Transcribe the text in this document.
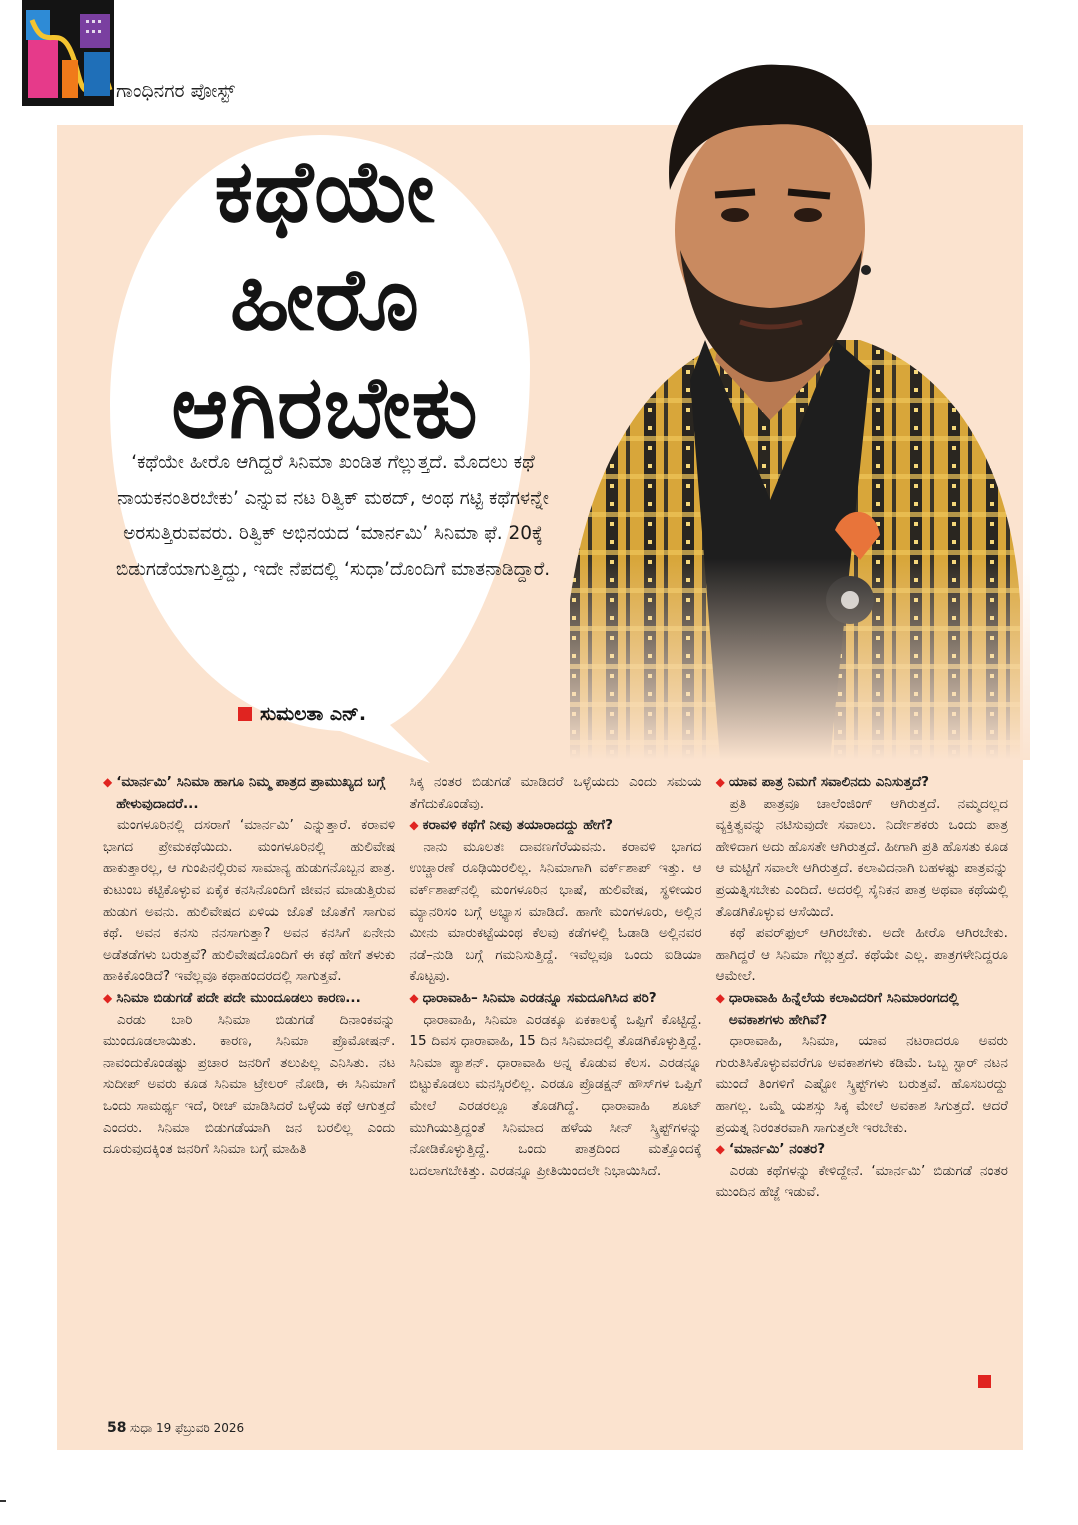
ಗಾಂಧಿನಗರ ಪೋಸ್ಟ್
ಕಥೆಯೇ
ಹೀರೊ
ಆಗಿರಬೇಕು

‘ಕಥೆಯೇ ಹೀರೊ ಆಗಿದ್ದರೆ ಸಿನಿಮಾ ಖಂಡಿತ ಗೆಲ್ಲುತ್ತದೆ. ಮೊದಲು ಕಥೆ ನಾಯಕನಂತಿರಬೇಕು’ ಎನ್ನುವ ನಟ ರಿತ್ವಿಕ್ ಮಠದ್, ಅಂಥ ಗಟ್ಟಿ ಕಥೆಗಳನ್ನೇ ಅರಸುತ್ತಿರುವವರು. ರಿತ್ವಿಕ್ ಅಭಿನಯದ ‘ಮಾರ್ನಮಿ’ ಸಿನಿಮಾ ಫೆ. 20ಕ್ಕೆ ಬಿಡುಗಡೆಯಾಗುತ್ತಿದ್ದು, ಇದೇ ನೆಪದಲ್ಲಿ ‘ಸುಧಾ’ದೊಂದಿಗೆ ಮಾತನಾಡಿದ್ದಾರೆ.

ಸುಮಲತಾ ಎನ್.
◆ ‘ಮಾರ್ನಮಿ’ ಸಿನಿಮಾ ಹಾಗೂ ನಿಮ್ಮ ಪಾತ್ರದ ಪ್ರಾಮುಖ್ಯದ ಬಗ್ಗೆ ಹೇಳುವುದಾದರೆ...

ಮಂಗಳೂರಿನಲ್ಲಿ ದಸರಾಗೆ ‘ಮಾರ್ನಮಿ’ ಎನ್ನುತ್ತಾರೆ. ಕರಾವಳಿ ಭಾಗದ ಪ್ರೇಮಕಥೆಯಿದು. ಮಂಗಳೂರಿನಲ್ಲಿ ಹುಲಿವೇಷ ಹಾಕುತ್ತಾರಲ್ಲ, ಆ ಗುಂಪಿನಲ್ಲಿರುವ ಸಾಮಾನ್ಯ ಹುಡುಗನೊಬ್ಬನ ಪಾತ್ರ. ಕುಟುಂಬ ಕಟ್ಟಿಕೊಳ್ಳುವ ಏಕೈಕ ಕನಸಿನೊಂದಿಗೆ ಜೀವನ ಮಾಡುತ್ತಿರುವ ಹುಡುಗ ಅವನು. ಹುಲಿವೇಷದ ಏಳಿಯ ಜೊತೆ ಜೊತೆಗೆ ಸಾಗುವ ಕಥೆ. ಅವನ ಕನಸು ನನಸಾಗುತ್ತಾ? ಅವನ ಕನಸಿಗೆ ಏನೇನು ಅಡೆತಡೆಗಳು ಬರುತ್ತವೆ? ಹುಲಿವೇಷದೊಂದಿಗೆ ಈ ಕಥೆ ಹೇಗೆ ತಳುಕು ಹಾಕಿಕೊಂಡಿದೆ? ಇವೆಲ್ಲವೂ ಕಥಾಹಂದರದಲ್ಲಿ ಸಾಗುತ್ತವೆ.

◆ ಸಿನಿಮಾ ಬಿಡುಗಡೆ ಪದೇ ಪದೇ ಮುಂದೂಡಲು ಕಾರಣ...

ಎರಡು ಬಾರಿ ಸಿನಿಮಾ ಬಿಡುಗಡೆ ದಿನಾಂಕವನ್ನು ಮುಂದೂಡಲಾಯಿತು. ಕಾರಣ, ಸಿನಿಮಾ ಪ್ರೊಮೋಷನ್. ನಾವಂದುಕೊಂಡಷ್ಟು ಪ್ರಚಾರ ಜನರಿಗೆ ತಲುಪಿಲ್ಲ ಎನಿಸಿತು. ನಟ ಸುದೀಪ್ ಅವರು ಕೂಡ ಸಿನಿಮಾ ಟ್ರೇಲರ್ ನೋಡಿ, ಈ ಸಿನಿಮಾಗೆ ಒಂದು ಸಾಮರ್ಥ್ಯ ಇದೆ, ರೀಚ್ ಮಾಡಿಸಿದರೆ ಒಳ್ಳೆಯ ಕಥೆ ಆಗುತ್ತದೆ ಎಂದರು. ಸಿನಿಮಾ ಬಿಡುಗಡೆಯಾಗಿ ಜನ ಬರಲಿಲ್ಲ ಎಂದು ದೂರುವುದಕ್ಕಿಂತ ಜನರಿಗೆ ಸಿನಿಮಾ ಬಗ್ಗೆ ಮಾಹಿತಿ

ಸಿಕ್ಕ ನಂತರ ಬಿಡುಗಡೆ ಮಾಡಿದರೆ ಒಳ್ಳೆಯದು ಎಂದು ಸಮಯ ತೆಗೆದುಕೊಂಡೆವು.

◆ ಕರಾವಳಿ ಕಥೆಗೆ ನೀವು ತಯಾರಾದದ್ದು ಹೇಗೆ?

ನಾನು ಮೂಲತಃ ದಾವಣಗೆರೆಯವನು. ಕರಾವಳಿ ಭಾಗದ ಉಚ್ಚಾರಣೆ ರೂಢಿಯಿರಲಿಲ್ಲ. ಸಿನಿಮಾಗಾಗಿ ವರ್ಕ್‌ಶಾಪ್ ಇತ್ತು. ಆ ವರ್ಕ್‌ಶಾಪ್‌ನಲ್ಲಿ ಮಂಗಳೂರಿನ ಭಾಷೆ, ಹುಲಿವೇಷ, ಸ್ಥಳೀಯರ ಮ್ಯಾನರಿಸಂ ಬಗ್ಗೆ ಅಭ್ಯಾಸ ಮಾಡಿದೆ. ಹಾಗೇ ಮಂಗಳೂರು, ಅಲ್ಲಿನ ಮೀನು ಮಾರುಕಟ್ಟೆಯಂಥ ಕೆಲವು ಕಡೆಗಳಲ್ಲಿ ಓಡಾಡಿ ಅಲ್ಲಿನವರ ನಡೆ–ನುಡಿ ಬಗ್ಗೆ ಗಮನಿಸುತ್ತಿದ್ದೆ. ಇವೆಲ್ಲವೂ ಒಂದು ಐಡಿಯಾ ಕೊಟ್ಟವು.

◆ ಧಾರಾವಾಹಿ– ಸಿನಿಮಾ ಎರಡನ್ನೂ ಸಮದೂಗಿಸಿದ ಪರಿ?

ಧಾರಾವಾಹಿ, ಸಿನಿಮಾ ಎರಡಕ್ಕೂ ಏಕಕಾಲಕ್ಕೆ ಒಪ್ಪಿಗೆ ಕೊಟ್ಟಿದ್ದೆ. 15 ದಿವಸ ಧಾರಾವಾಹಿ, 15 ದಿನ ಸಿನಿಮಾದಲ್ಲಿ ತೊಡಗಿಕೊಳ್ಳುತ್ತಿದ್ದೆ. ಸಿನಿಮಾ ಪ್ಯಾಶನ್. ಧಾರಾವಾಹಿ ಅನ್ನ ಕೊಡುವ ಕೆಲಸ. ಎರಡನ್ನೂ ಬಿಟ್ಟುಕೊಡಲು ಮನಸ್ಸಿರಲಿಲ್ಲ. ಎರಡೂ ಪ್ರೊಡಕ್ಷನ್ ಹೌಸ್‌ಗಳ ಒಪ್ಪಿಗೆ ಮೇಲೆ ಎರಡರಲ್ಲೂ ತೊಡಗಿದ್ದೆ. ಧಾರಾವಾಹಿ ಶೂಟ್ ಮುಗಿಯುತ್ತಿದ್ದಂತೆ ಸಿನಿಮಾದ ಹಳೆಯ ಸೀನ್ ಸ್ಕ್ರಿಪ್ಟ್‌ಗಳನ್ನು ನೋಡಿಕೊಳ್ಳುತ್ತಿದ್ದೆ. ಒಂದು ಪಾತ್ರದಿಂದ ಮತ್ತೊಂದಕ್ಕೆ ಬದಲಾಗಬೇಕಿತ್ತು. ಎರಡನ್ನೂ ಪ್ರೀತಿಯಿಂದಲೇ ನಿಭಾಯಿಸಿದೆ.

◆ ಯಾವ ಪಾತ್ರ ನಿಮಗೆ ಸವಾಲಿನದು ಎನಿಸುತ್ತದೆ?

ಪ್ರತಿ ಪಾತ್ರವೂ ಚಾಲೆಂಜಿಂಗ್ ಆಗಿರುತ್ತದೆ. ನಮ್ಮದಲ್ಲದ ವ್ಯಕ್ತಿತ್ವವನ್ನು ನಟಿಸುವುದೇ ಸವಾಲು. ನಿರ್ದೇಶಕರು ಒಂದು ಪಾತ್ರ ಹೇಳಿದಾಗ ಅದು ಹೊಸತೇ ಆಗಿರುತ್ತದೆ. ಹೀಗಾಗಿ ಪ್ರತಿ ಹೊಸತು ಕೂಡ ಆ ಮಟ್ಟಿಗೆ ಸವಾಲೇ ಆಗಿರುತ್ತದೆ. ಕಲಾವಿದನಾಗಿ ಬಹಳಷ್ಟು ಪಾತ್ರವನ್ನು ಪ್ರಯತ್ನಿಸಬೇಕು ಎಂದಿದೆ. ಅದರಲ್ಲಿ ಸೈನಿಕನ ಪಾತ್ರ ಅಥವಾ ಕಥೆಯಲ್ಲಿ ತೊಡಗಿಕೊಳ್ಳುವ ಆಸೆಯಿದೆ.

ಕಥೆ ಪವರ್‌ಫುಲ್ ಆಗಿರಬೇಕು. ಅದೇ ಹೀರೊ ಆಗಿರಬೇಕು. ಹಾಗಿದ್ದರೆ ಆ ಸಿನಿಮಾ ಗೆಲ್ಲುತ್ತದೆ. ಕಥೆಯೇ ಎಲ್ಲ. ಪಾತ್ರಗಳೇನಿದ್ದರೂ ಆಮೇಲೆ.

◆ ಧಾರಾವಾಹಿ ಹಿನ್ನೆಲೆಯ ಕಲಾವಿದರಿಗೆ ಸಿನಿಮಾರಂಗದಲ್ಲಿ ಅವಕಾಶಗಳು ಹೇಗಿವೆ?

ಧಾರಾವಾಹಿ, ಸಿನಿಮಾ, ಯಾವ ನಟರಾದರೂ ಅವರು ಗುರುತಿಸಿಕೊಳ್ಳುವವರೆಗೂ ಅವಕಾಶಗಳು ಕಡಿಮೆ. ಒಬ್ಬ ಸ್ಟಾರ್ ನಟನ ಮುಂದೆ ತಿಂಗಳಿಗೆ ಎಷ್ಟೋ ಸ್ಕ್ರಿಪ್ಟ್‌ಗಳು ಬರುತ್ತವೆ. ಹೊಸಬರದ್ದು ಹಾಗಲ್ಲ. ಒಮ್ಮೆ ಯಶಸ್ಸು ಸಿಕ್ಕ ಮೇಲೆ ಅವಕಾಶ ಸಿಗುತ್ತದೆ. ಆದರೆ ಪ್ರಯತ್ನ ನಿರಂತರವಾಗಿ ಸಾಗುತ್ತಲೇ ಇರಬೇಕು.

◆ ‘ಮಾರ್ನಮಿ’ ನಂತರ?

ಎರಡು ಕಥೆಗಳನ್ನು ಕೇಳಿದ್ದೇನೆ. ‘ಮಾರ್ನಮಿ’ ಬಿಡುಗಡೆ ನಂತರ ಮುಂದಿನ ಹೆಜ್ಜೆ ಇಡುವೆ.

58 ಸುಧಾ 19 ಫೆಬ್ರುವರಿ 2026
